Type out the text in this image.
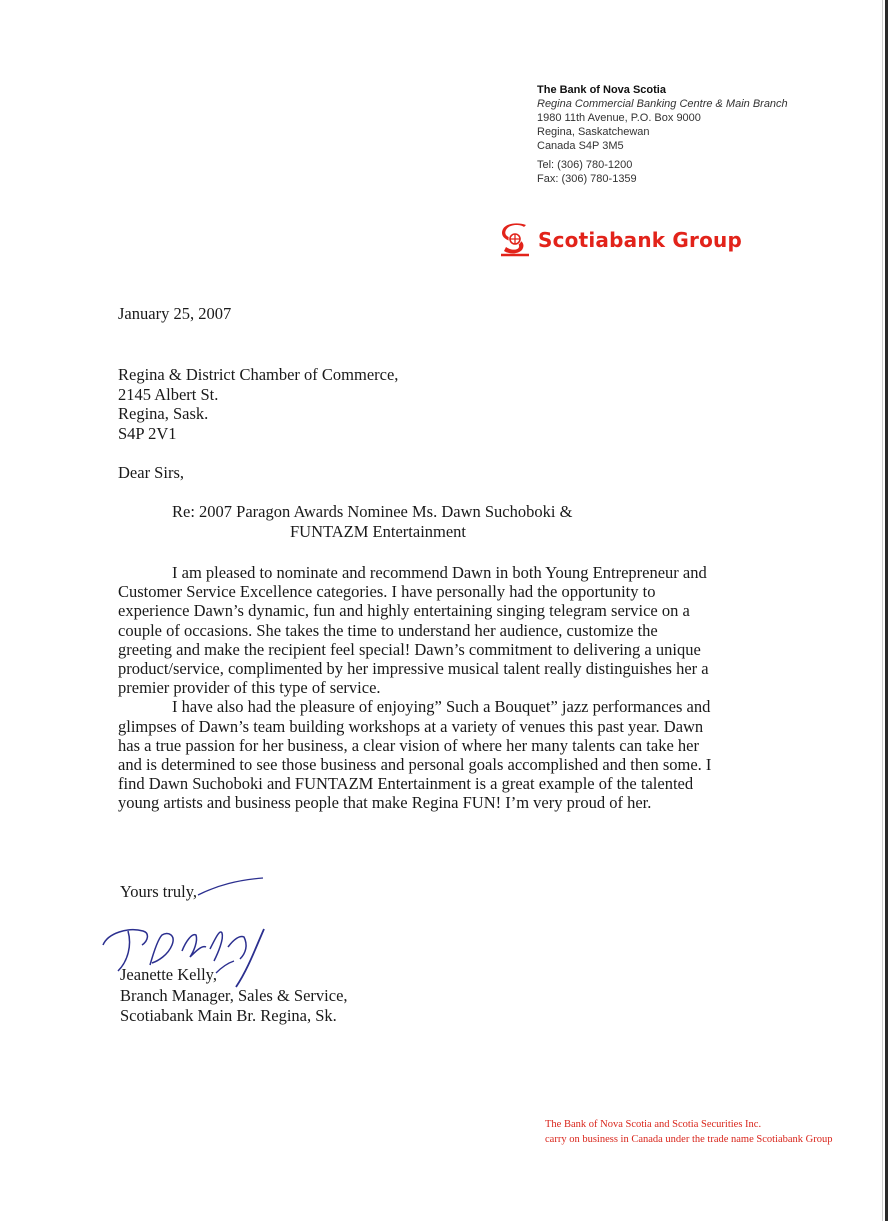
The Bank of Nova Scotia
Regina Commercial Banking Centre & Main Branch
1980 11th Avenue, P.O. Box 9000
Regina, Saskatchewan
Canada S4P 3M5
Tel: (306) 780-1200
Fax: (306) 780-1359
Scotiabank Group
January 25, 2007
Regina & District Chamber of Commerce,
2145 Albert St.
Regina, Sask.
S4P 2V1
Dear Sirs,
Re: 2007 Paragon Awards Nominee Ms. Dawn Suchoboki &
FUNTAZM Entertainment
I am pleased to nominate and recommend Dawn in both Young Entrepreneur and
Customer Service Excellence categories. I have personally had the opportunity to
experience Dawn’s dynamic, fun and highly entertaining singing telegram service on a
couple of occasions. She takes the time to understand her audience, customize the
greeting and make the recipient feel special! Dawn’s commitment to delivering a unique
product/service, complimented by her impressive musical talent really distinguishes her a
premier provider of this type of service.
I have also had the pleasure of enjoying” Such a Bouquet” jazz performances and
glimpses of Dawn’s team building workshops at a variety of venues this past year. Dawn
has a true passion for her business, a clear vision of where her many talents can take her
and is determined to see those business and personal goals accomplished and then some. I
find Dawn Suchoboki and FUNTAZM Entertainment is a great example of the talented
young artists and business people that make Regina FUN! I’m very proud of her.
Yours truly,
Jeanette Kelly,
Branch Manager, Sales & Service,
Scotiabank Main Br. Regina, Sk.
The Bank of Nova Scotia and Scotia Securities Inc.
carry on business in Canada under the trade name Scotiabank Group
